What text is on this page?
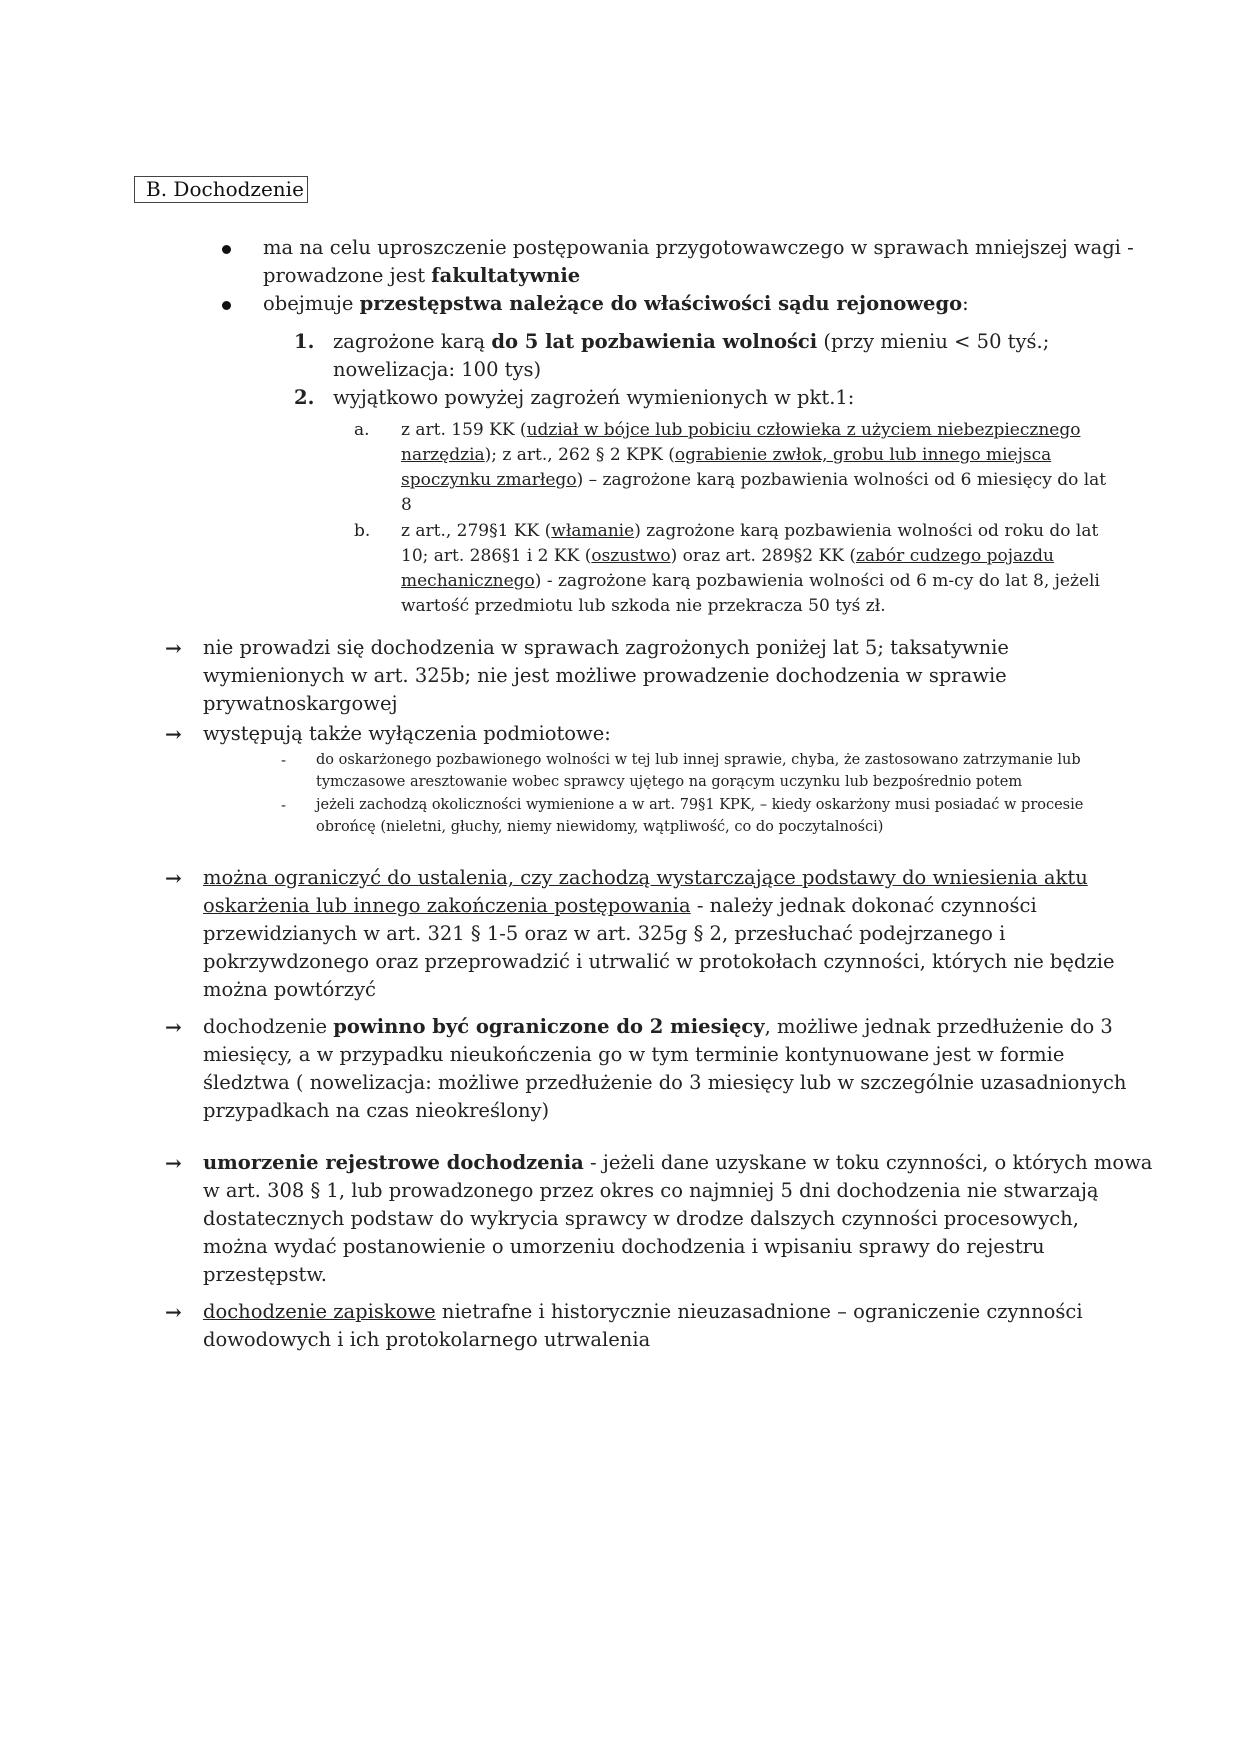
B. Dochodzenie
ma na celu uproszczenie postępowania przygotowawczego w sprawach mniejszej wagi -
prowadzone jest fakultatywnie
obejmuje przestępstwa należące do właściwości sądu rejonowego:
1. zagrożone karą do 5 lat pozbawienia wolności (przy mieniu < 50 tyś.;
nowelizacja: 100 tys)
2. wyjątkowo powyżej zagrożeń wymienionych w pkt.1:
a. z art. 159 KK (udział w bójce lub pobiciu człowieka z użyciem niebezpiecznego
narzędzia); z art., 262 § 2 KPK (ograbienie zwłok, grobu lub innego miejsca
spoczynku zmarłego) – zagrożone karą pozbawienia wolności od 6 miesięcy do lat
8
b. z art., 279§1 KK (włamanie) zagrożone karą pozbawienia wolności od roku do lat
10; art. 286§1 i 2 KK (oszustwo) oraz art. 289§2 KK (zabór cudzego pojazdu
mechanicznego) - zagrożone karą pozbawienia wolności od 6 m-cy do lat 8, jeżeli
wartość przedmiotu lub szkoda nie przekracza 50 tyś zł.
→ nie prowadzi się dochodzenia w sprawach zagrożonych poniżej lat 5; taksatywnie
wymienionych w art. 325b; nie jest możliwe prowadzenie dochodzenia w sprawie
prywatnoskargowej
→ występują także wyłączenia podmiotowe:
- do oskarżonego pozbawionego wolności w tej lub innej sprawie, chyba, że zastosowano zatrzymanie lub
tymczasowe aresztowanie wobec sprawcy ujętego na gorącym uczynku lub bezpośrednio potem
- jeżeli zachodzą okoliczności wymienione a w art. 79§1 KPK, – kiedy oskarżony musi posiadać w procesie
obrońcę (nieletni, głuchy, niemy niewidomy, wątpliwość, co do poczytalności)
→ można ograniczyć do ustalenia, czy zachodzą wystarczające podstawy do wniesienia aktu
oskarżenia lub innego zakończenia postępowania - należy jednak dokonać czynności
przewidzianych w art. 321 § 1-5 oraz w art. 325g § 2, przesłuchać podejrzanego i
pokrzywdzonego oraz przeprowadzić i utrwalić w protokołach czynności, których nie będzie
można powtórzyć
→ dochodzenie powinno być ograniczone do 2 miesięcy, możliwe jednak przedłużenie do 3
miesięcy, a w przypadku nieukończenia go w tym terminie kontynuowane jest w formie
śledztwa ( nowelizacja: możliwe przedłużenie do 3 miesięcy lub w szczególnie uzasadnionych
przypadkach na czas nieokreślony)
→ umorzenie rejestrowe dochodzenia - jeżeli dane uzyskane w toku czynności, o których mowa
w art. 308 § 1, lub prowadzonego przez okres co najmniej 5 dni dochodzenia nie stwarzają
dostatecznych podstaw do wykrycia sprawcy w drodze dalszych czynności procesowych,
można wydać postanowienie o umorzeniu dochodzenia i wpisaniu sprawy do rejestru
przestępstw.
→ dochodzenie zapiskowe nietrafne i historycznie nieuzasadnione – ograniczenie czynności
dowodowych i ich protokolarnego utrwalenia
